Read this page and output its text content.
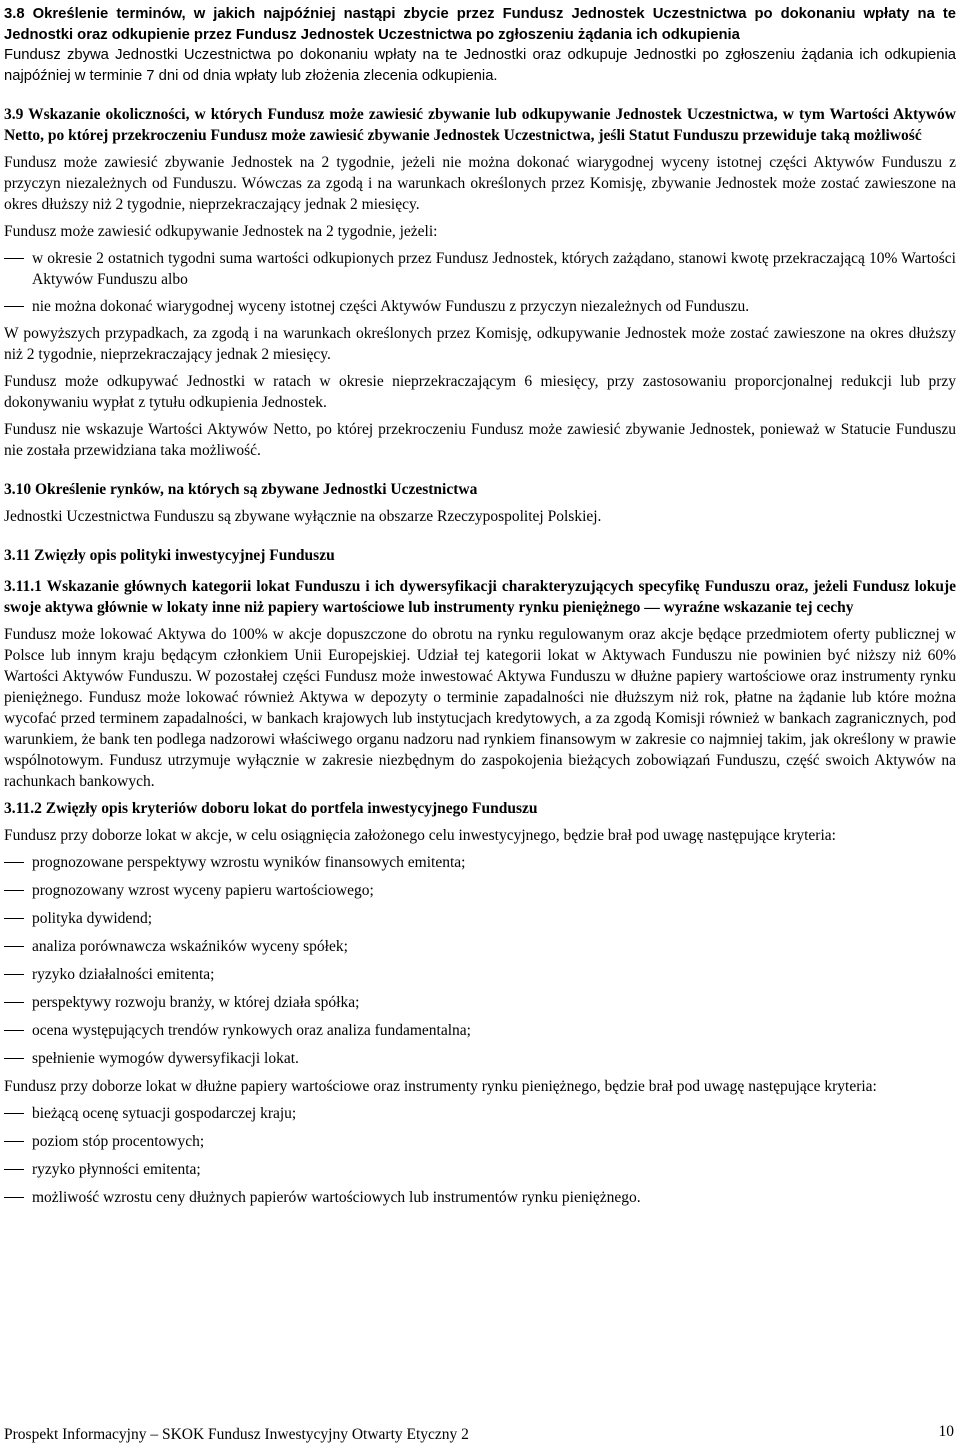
3.8 Określenie terminów, w jakich najpóźniej nastąpi zbycie przez Fundusz Jednostek Uczestnictwa po dokonaniu wpłaty na te Jednostki oraz odkupienie przez Fundusz Jednostek Uczestnictwa po zgłoszeniu żądania ich odkupienia

Fundusz zbywa Jednostki Uczestnictwa po dokonaniu wpłaty na te Jednostki oraz odkupuje Jednostki po zgłoszeniu żądania ich odkupienia najpóźniej w terminie 7 dni od dnia wpłaty lub złożenia zlecenia odkupienia.

3.9 Wskazanie okoliczności, w których Fundusz może zawiesić zbywanie lub odkupywanie Jednostek Uczestnictwa, w tym Wartości Aktywów Netto, po której przekroczeniu Fundusz może zawiesić zbywanie Jednostek Uczestnictwa, jeśli Statut Funduszu przewiduje taką możliwość

Fundusz może zawiesić zbywanie Jednostek na 2 tygodnie, jeżeli nie można dokonać wiarygodnej wyceny istotnej części Aktywów Funduszu z przyczyn niezależnych od Funduszu. Wówczas za zgodą i na warunkach określonych przez Komisję, zbywanie Jednostek może zostać zawieszone na okres dłuższy niż 2 tygodnie, nieprzekraczający jednak 2 miesięcy.

Fundusz może zawiesić odkupywanie Jednostek na 2 tygodnie, jeżeli:

w okresie 2 ostatnich tygodni suma wartości odkupionych przez Fundusz Jednostek, których zażądano, stanowi kwotę przekraczającą 10% Wartości Aktywów Funduszu albo
nie można dokonać wiarygodnej wyceny istotnej części Aktywów Funduszu z przyczyn niezależnych od Funduszu.

W powyższych przypadkach, za zgodą i na warunkach określonych przez Komisję, odkupywanie Jednostek może zostać zawieszone na okres dłuższy niż 2 tygodnie, nieprzekraczający jednak 2 miesięcy.

Fundusz może odkupywać Jednostki w ratach w okresie nieprzekraczającym 6 miesięcy, przy zastosowaniu proporcjonalnej redukcji lub przy dokonywaniu wypłat z tytułu odkupienia Jednostek.

Fundusz nie wskazuje Wartości Aktywów Netto, po której przekroczeniu Fundusz może zawiesić zbywanie Jednostek, ponieważ w Statucie Funduszu nie została przewidziana taka możliwość.

3.10 Określenie rynków, na których są zbywane Jednostki Uczestnictwa

Jednostki Uczestnictwa Funduszu są zbywane wyłącznie na obszarze Rzeczypospolitej Polskiej.

3.11 Zwięzły opis polityki inwestycyjnej Funduszu
3.11.1 Wskazanie głównych kategorii lokat Funduszu i ich dywersyfikacji charakteryzujących specyfikę Funduszu oraz, jeżeli Fundusz lokuje swoje aktywa głównie w lokaty inne niż papiery wartościowe lub instrumenty rynku pieniężnego — wyraźne wskazanie tej cechy

Fundusz może lokować Aktywa do 100% w akcje dopuszczone do obrotu na rynku regulowanym oraz akcje będące przedmiotem oferty publicznej w Polsce lub innym kraju będącym członkiem Unii Europejskiej. Udział tej kategorii lokat w Aktywach Funduszu nie powinien być niższy niż 60% Wartości Aktywów Funduszu. W pozostałej części Fundusz może inwestować Aktywa Funduszu w dłużne papiery wartościowe oraz instrumenty rynku pieniężnego. Fundusz może lokować również Aktywa w depozyty o terminie zapadalności nie dłuższym niż rok, płatne na żądanie lub które można wycofać przed terminem zapadalności, w bankach krajowych lub instytucjach kredytowych, a za zgodą Komisji również w bankach zagranicznych, pod warunkiem, że bank ten podlega nadzorowi właściwego organu nadzoru nad rynkiem finansowym w zakresie co najmniej takim, jak określony w prawie wspólnotowym. Fundusz utrzymuje wyłącznie w zakresie niezbędnym do zaspokojenia bieżących zobowiązań Funduszu, część swoich Aktywów na rachunkach bankowych.

3.11.2 Zwięzły opis kryteriów doboru lokat do portfela inwestycyjnego Funduszu

Fundusz przy doborze lokat w akcje, w celu osiągnięcia założonego celu inwestycyjnego, będzie brał pod uwagę następujące kryteria:

prognozowane perspektywy wzrostu wyników finansowych emitenta;
prognozowany wzrost wyceny papieru wartościowego;
polityka dywidend;
analiza porównawcza wskaźników wyceny spółek;
ryzyko działalności emitenta;
perspektywy rozwoju branży, w której działa spółka;
ocena występujących trendów rynkowych oraz analiza fundamentalna;
spełnienie wymogów dywersyfikacji lokat.

Fundusz przy doborze lokat w dłużne papiery wartościowe oraz instrumenty rynku pieniężnego, będzie brał pod uwagę następujące kryteria:

bieżącą ocenę sytuacji gospodarczej kraju;
poziom stóp procentowych;
ryzyko płynności emitenta;
możliwość wzrostu ceny dłużnych papierów wartościowych lub instrumentów rynku pieniężnego.
Prospekt Informacyjny – SKOK Fundusz Inwestycyjny Otwarty Etyczny 2	10
